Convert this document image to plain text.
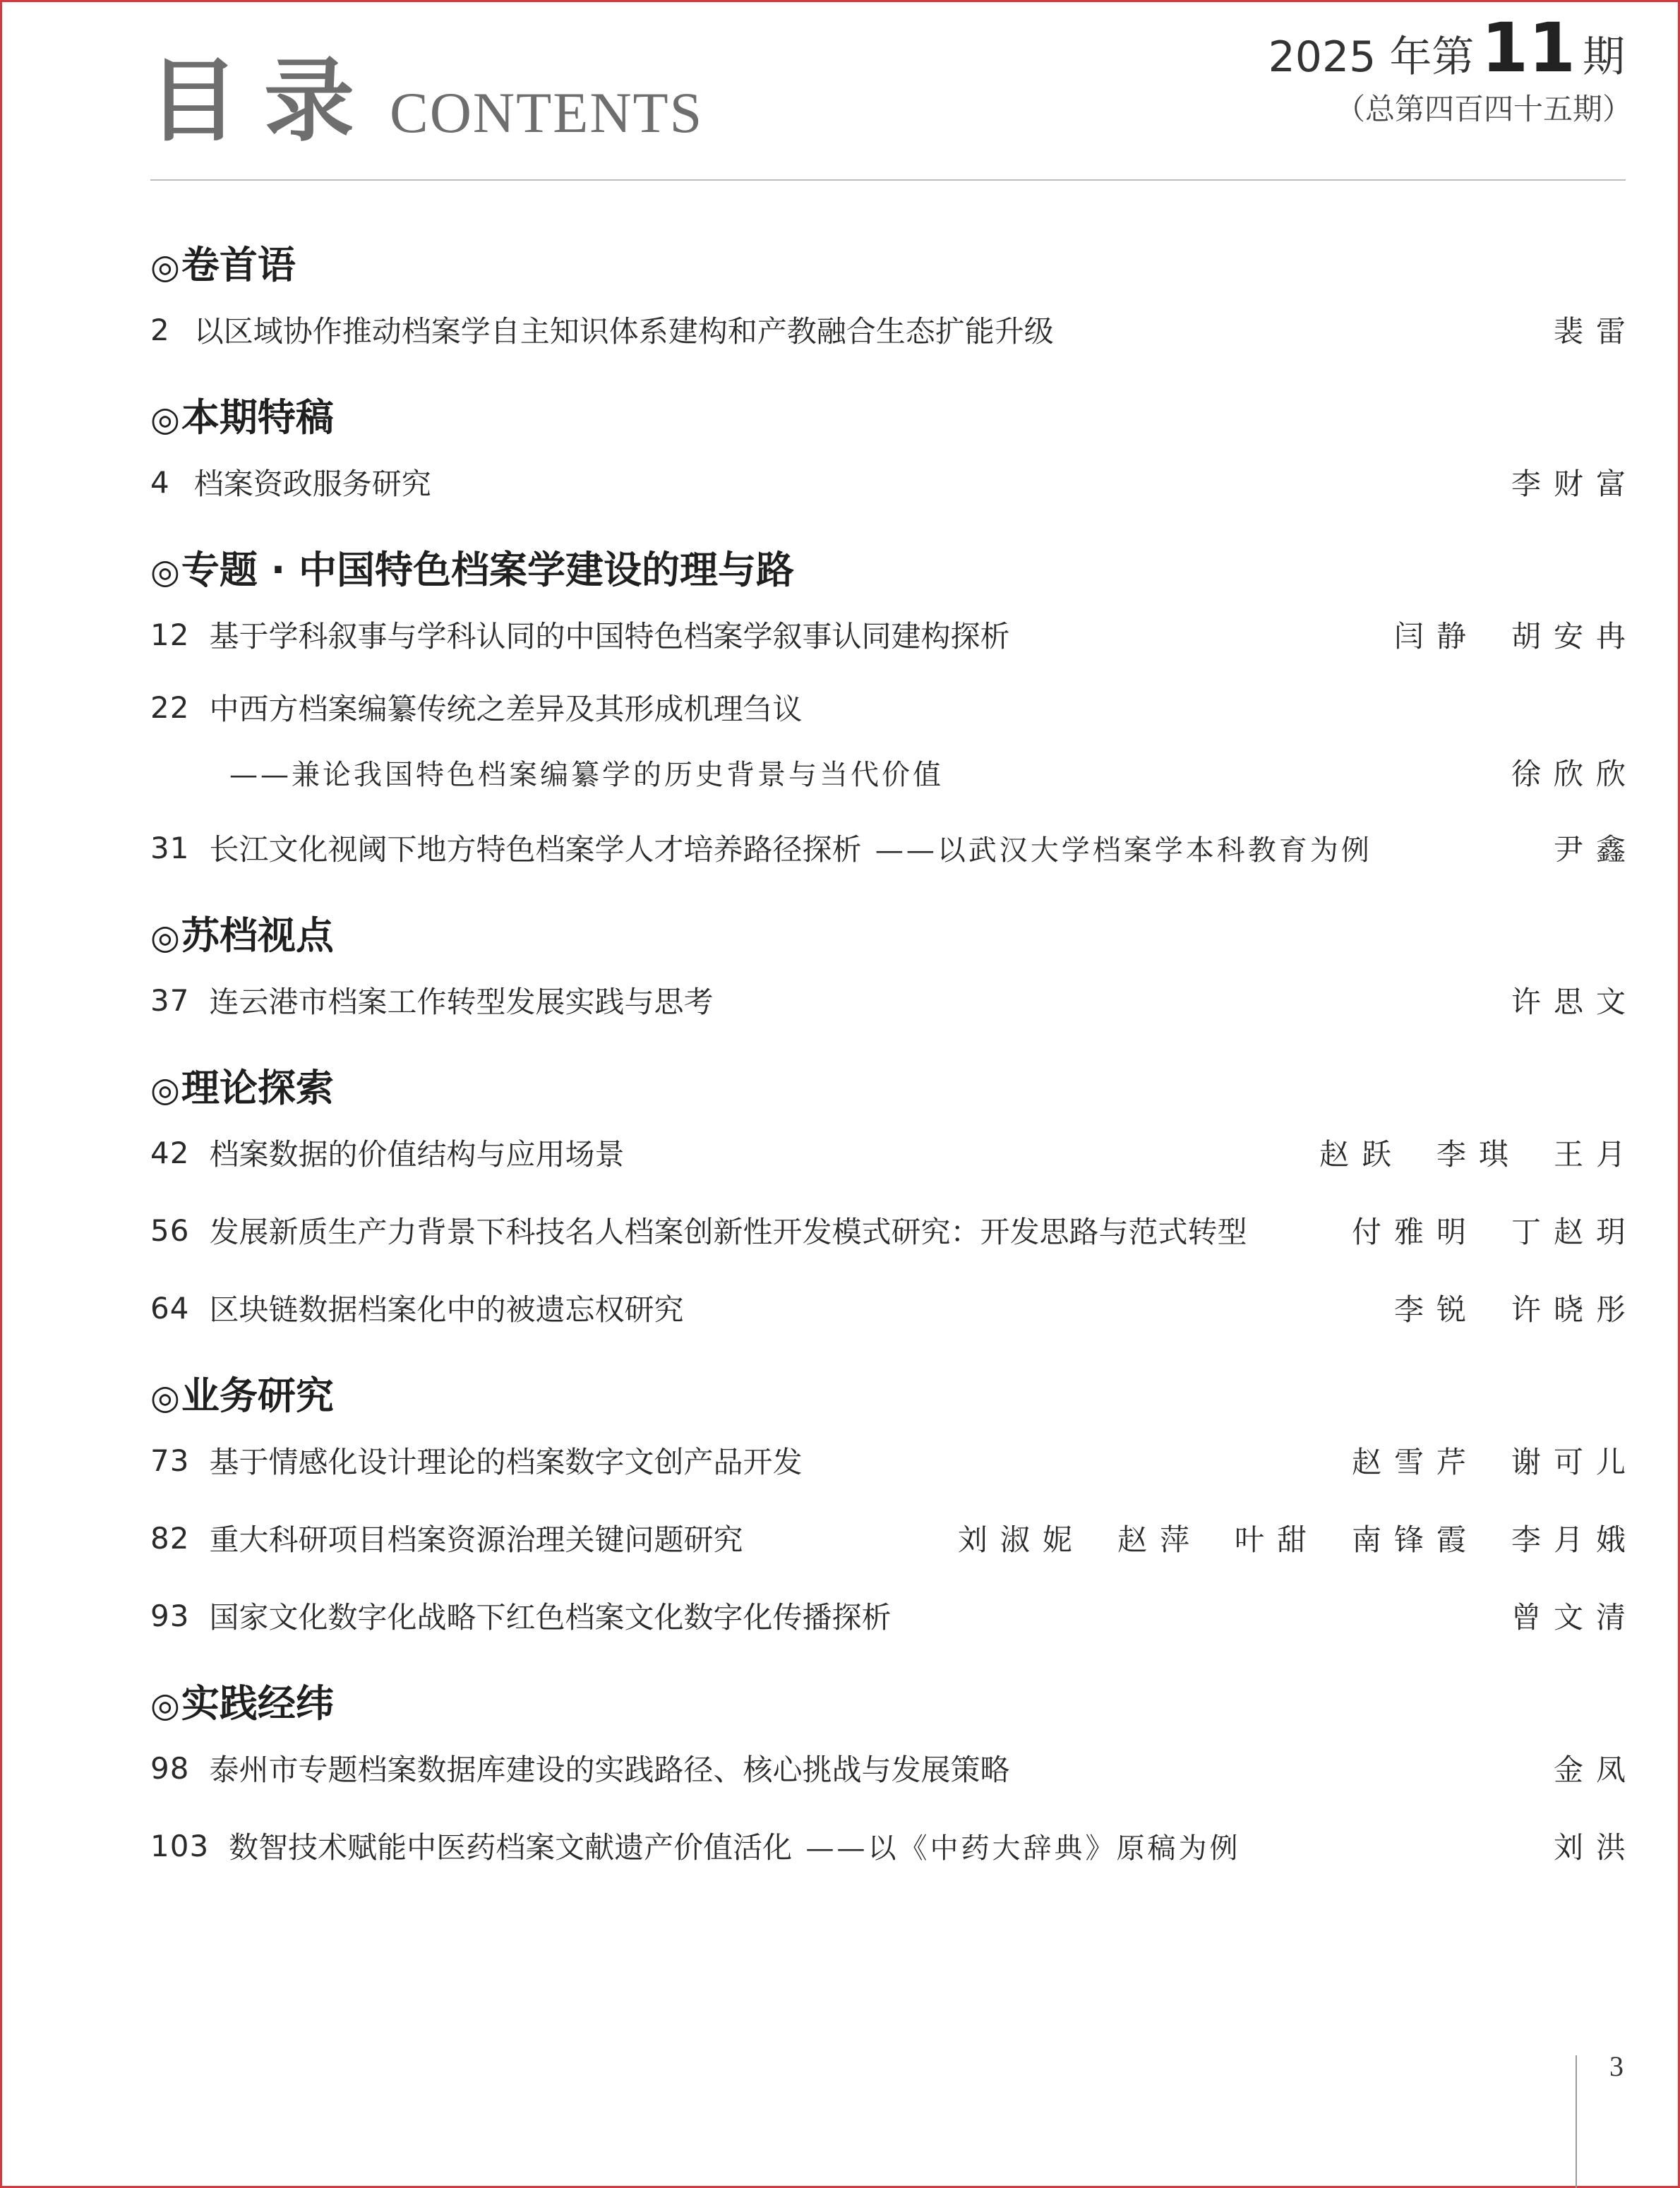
目录 CONTENTS
2025 年第 11 期
（总第四百四十五期）
◎卷首语
2 以区域协作推动档案学自主知识体系建构和产教融合生态扩能升级	裴雷
◎本期特稿
4 档案资政服务研究	李财富
◎专题 · 中国特色档案学建设的理与路
12 基于学科叙事与学科认同的中国特色档案学叙事认同建构探析	闫静 胡安冉
22 中西方档案编纂传统之差异及其形成机理刍议
——兼论我国特色档案编纂学的历史背景与当代价值	徐欣欣
31 长江文化视阈下地方特色档案学人才培养路径探析 ——以武汉大学档案学本科教育为例	尹鑫
◎苏档视点
37 连云港市档案工作转型发展实践与思考	许思文
◎理论探索
42 档案数据的价值结构与应用场景	赵跃 李琪 王月
56 发展新质生产力背景下科技名人档案创新性开发模式研究：开发思路与范式转型	付雅明 丁赵玥
64 区块链数据档案化中的被遗忘权研究	李锐 许晓彤
◎业务研究
73 基于情感化设计理论的档案数字文创产品开发	赵雪芹 谢可儿
82 重大科研项目档案资源治理关键问题研究	刘淑妮 赵萍 叶甜 南锋霞 李月娥
93 国家文化数字化战略下红色档案文化数字化传播探析	曾文清
◎实践经纬
98 泰州市专题档案数据库建设的实践路径、核心挑战与发展策略	金凤
103 数智技术赋能中医药档案文献遗产价值活化 ——以《中药大辞典》原稿为例	刘洪
3
